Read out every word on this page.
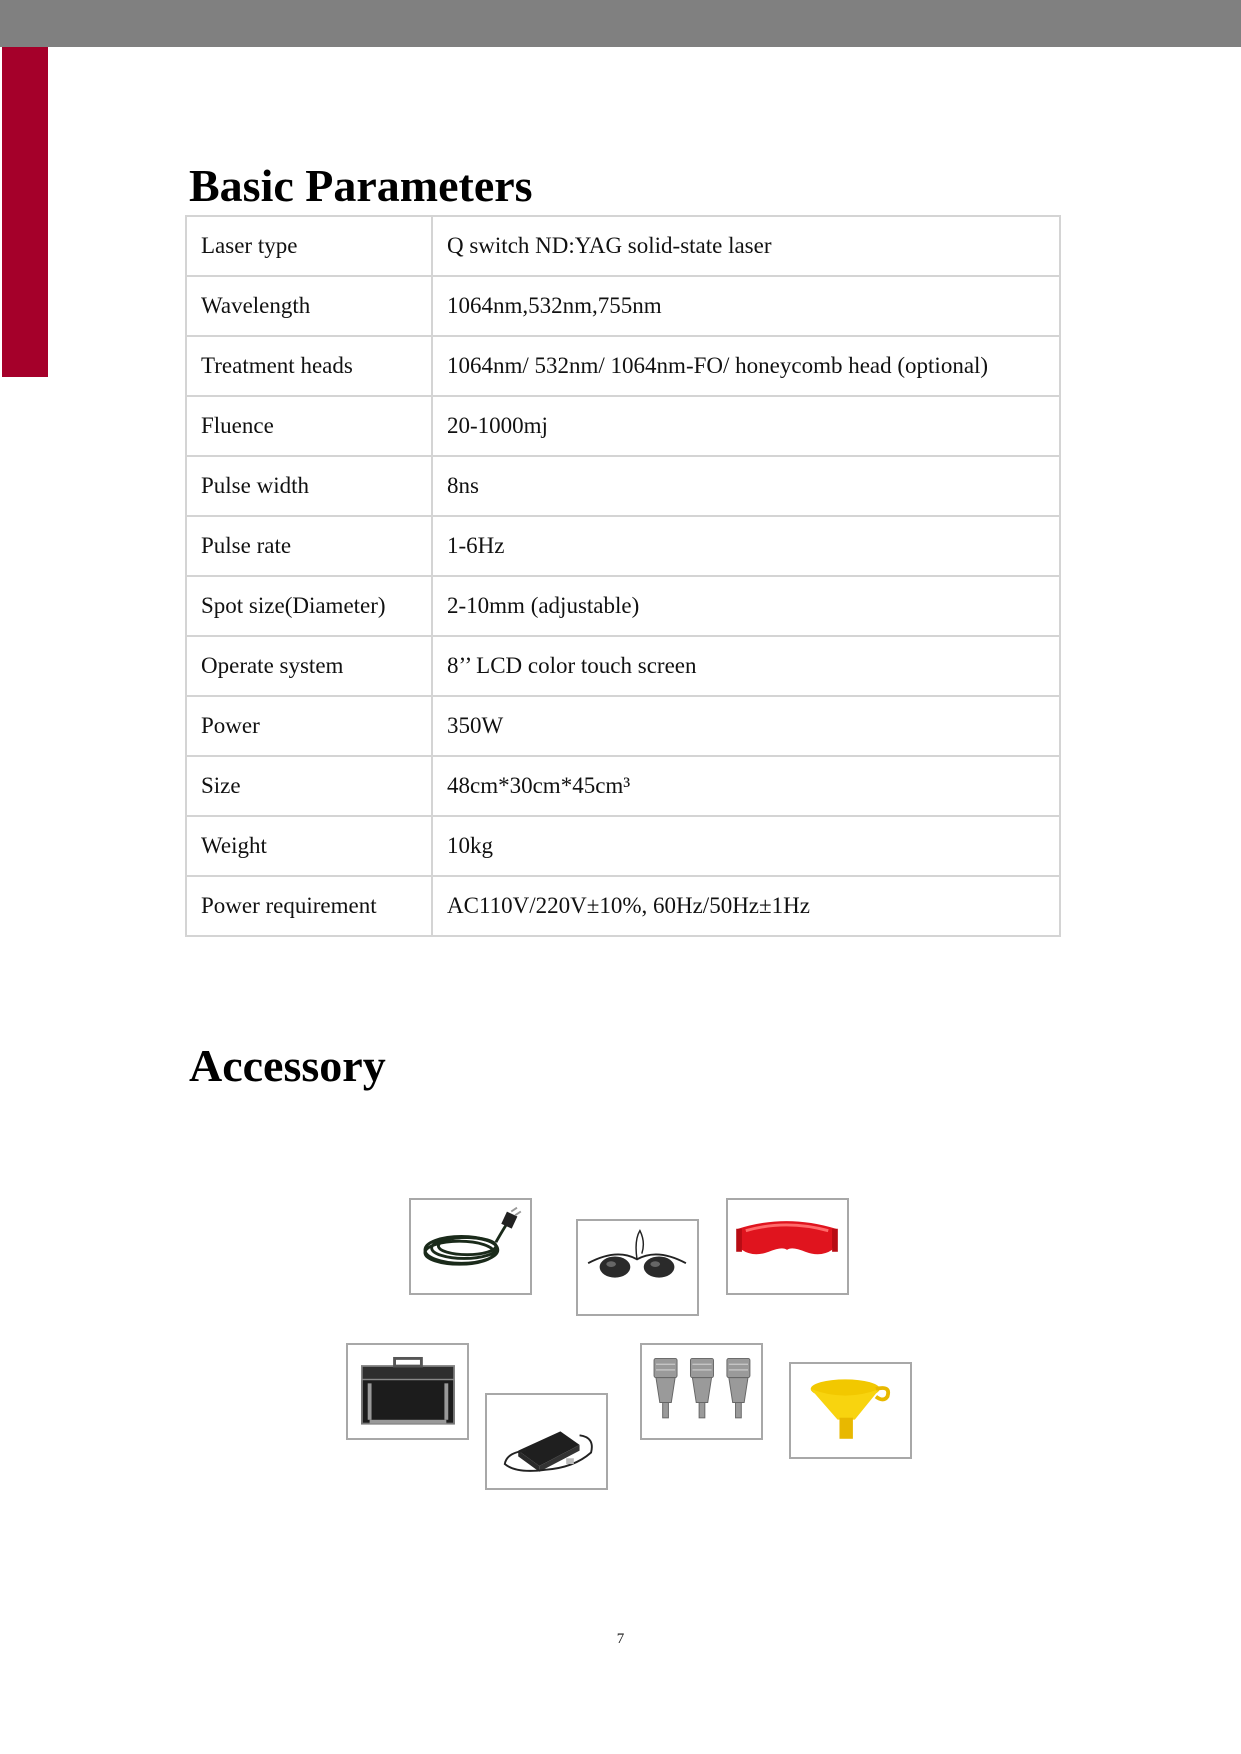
Basic Parameters
Laser type	Q switch ND:YAG solid-state laser
Wavelength	1064nm,532nm,755nm
Treatment heads	1064nm/ 532nm/ 1064nm-FO/ honeycomb head (optional)
Fluence	20-1000mj
Pulse width	8ns
Pulse rate	1-6Hz
Spot size(Diameter)	2-10mm (adjustable)
Operate system	8’’ LCD color touch screen
Power	350W
Size	48cm*30cm*45cm³
Weight	10kg
Power requirement	AC110V/220V±10%, 60Hz/50Hz±1Hz
Accessory
7
